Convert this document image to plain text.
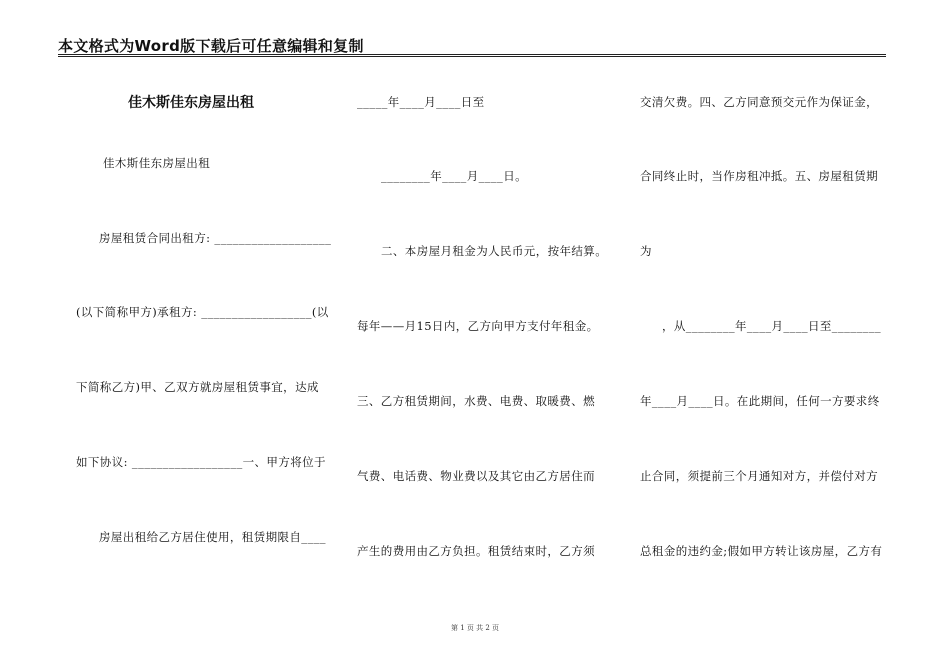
本文格式为Word版下载后可任意编辑和复制
佳木斯佳东房屋出租
佳木斯佳东房屋出租
房屋租赁合同出租方: ___________________
(以下简称甲方)承租方: __________________(以
下简称乙方)甲、乙双方就房屋租赁事宜，达成
如下协议: __________________一、甲方将位于
房屋出租给乙方居住使用，租赁期限自____
_____年____月____日至
________年____月____日。
二、本房屋月租金为人民币元，按年结算。
每年——月15日内，乙方向甲方支付年租金。
三、乙方租赁期间，水费、电费、取暖费、燃
气费、电话费、物业费以及其它由乙方居住而
产生的费用由乙方负担。租赁结束时，乙方须
交清欠费。四、乙方同意预交元作为保证金，
合同终止时，当作房租冲抵。五、房屋租赁期
为
，从________年____月____日至________
年____月____日。在此期间，任何一方要求终
止合同，须提前三个月通知对方，并偿付对方
总租金的违约金;假如甲方转让该房屋，乙方有
第 1 页 共 2 页
